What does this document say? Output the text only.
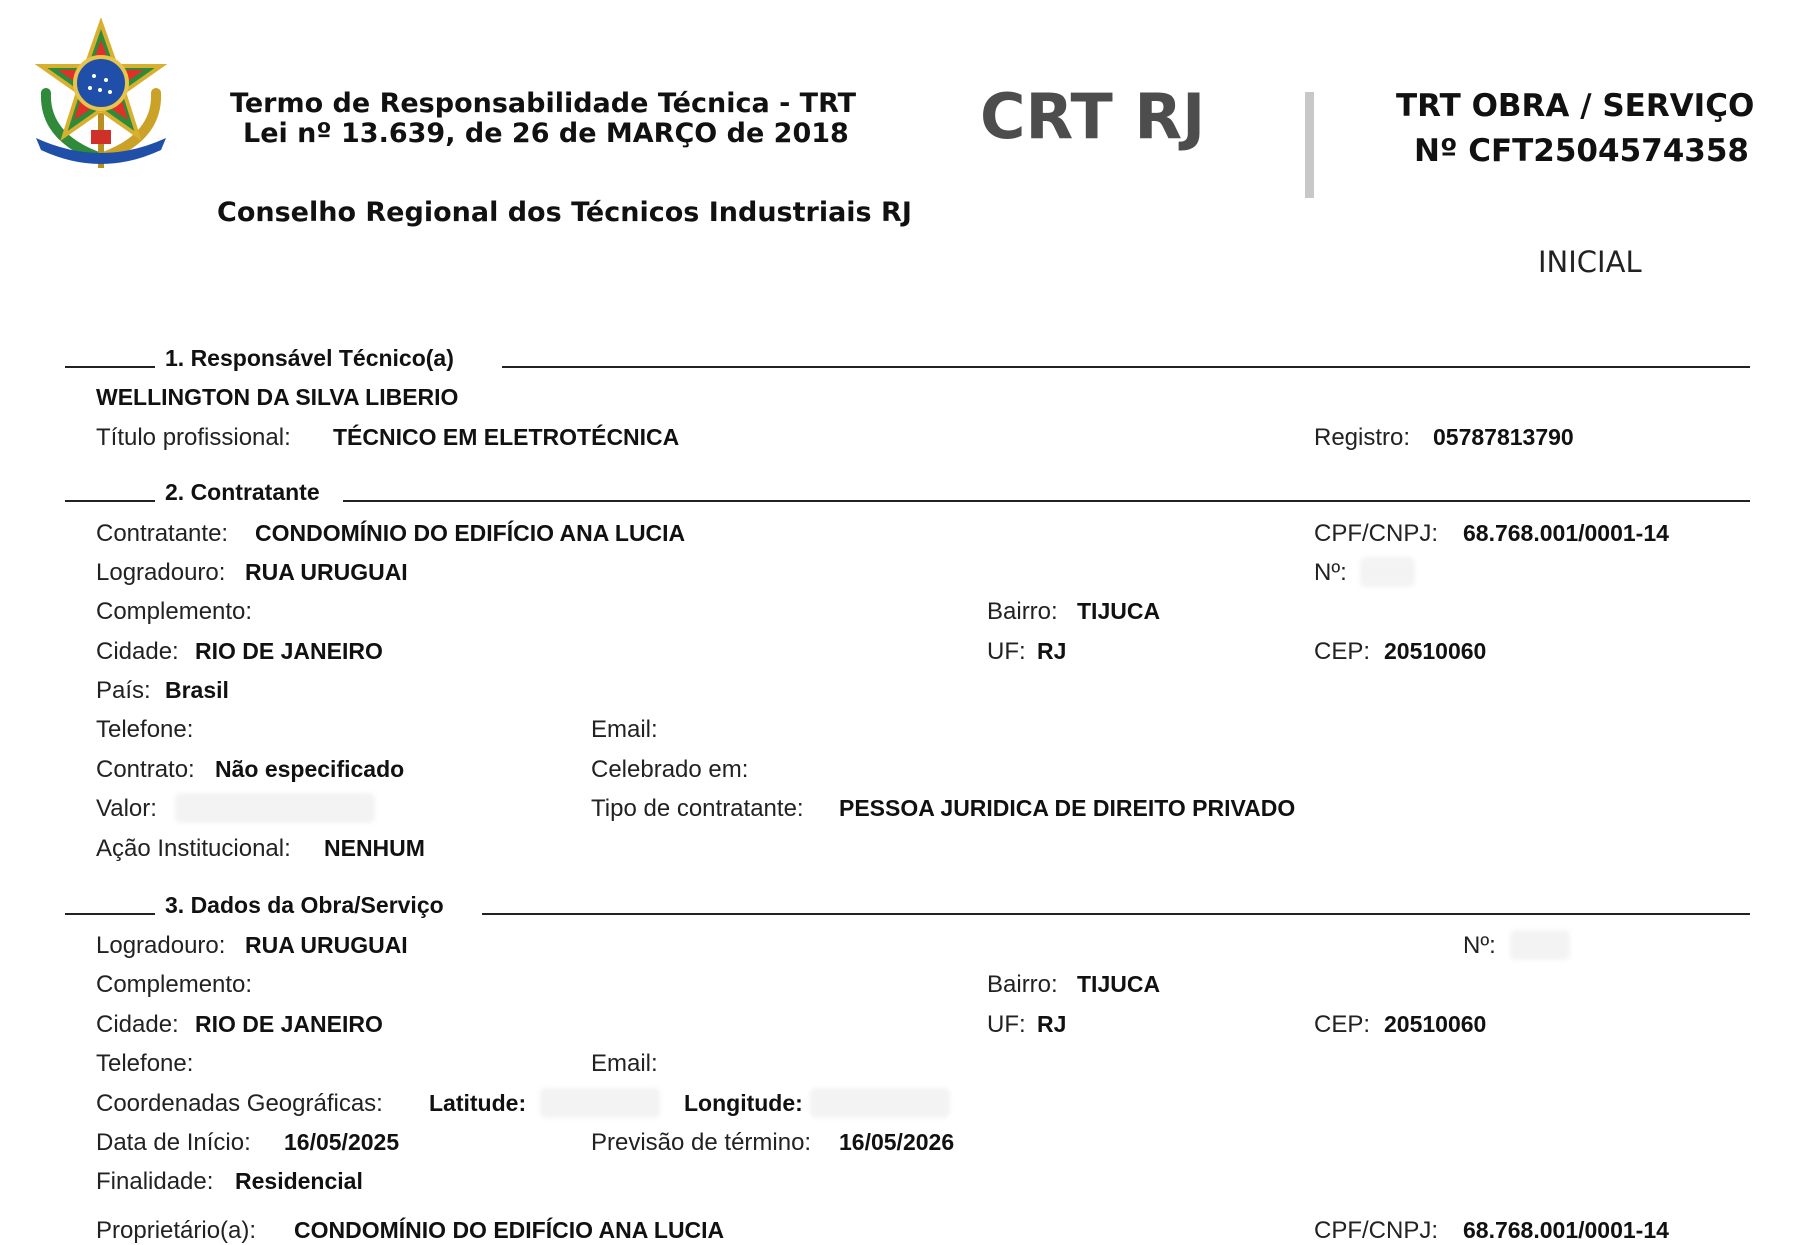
Termo de Responsabilidade Técnica - TRT
Lei nº 13.639, de 26 de MARÇO de 2018
Conselho Regional dos Técnicos Industriais RJ
CRT RJ	TRT OBRA / SERVIÇO
Nº CFT2504574358
INICIAL
1. Responsável Técnico(a)
WELLINGTON DA SILVA LIBERIO
Título profissional: TÉCNICO EM ELETROTÉCNICA	Registro: 05787813790
2. Contratante
Contratante: CONDOMÍNIO DO EDIFÍCIO ANA LUCIA	CPF/CNPJ: 68.768.001/0001-14
Logradouro: RUA URUGUAI	Nº:
Complemento:	Bairro: TIJUCA
Cidade: RIO DE JANEIRO	UF: RJ	CEP: 20510060
País: Brasil
Telefone:	Email:
Contrato: Não especificado	Celebrado em:
Valor:	Tipo de contratante: PESSOA JURIDICA DE DIREITO PRIVADO
Ação Institucional: NENHUM
3. Dados da Obra/Serviço
Logradouro: RUA URUGUAI	Nº:
Complemento:	Bairro: TIJUCA
Cidade: RIO DE JANEIRO	UF: RJ	CEP: 20510060
Telefone:	Email:
Coordenadas Geográficas: Latitude:	Longitude:
Data de Início: 16/05/2025	Previsão de término: 16/05/2026
Finalidade: Residencial
Proprietário(a): CONDOMÍNIO DO EDIFÍCIO ANA LUCIA	CPF/CNPJ: 68.768.001/0001-14
